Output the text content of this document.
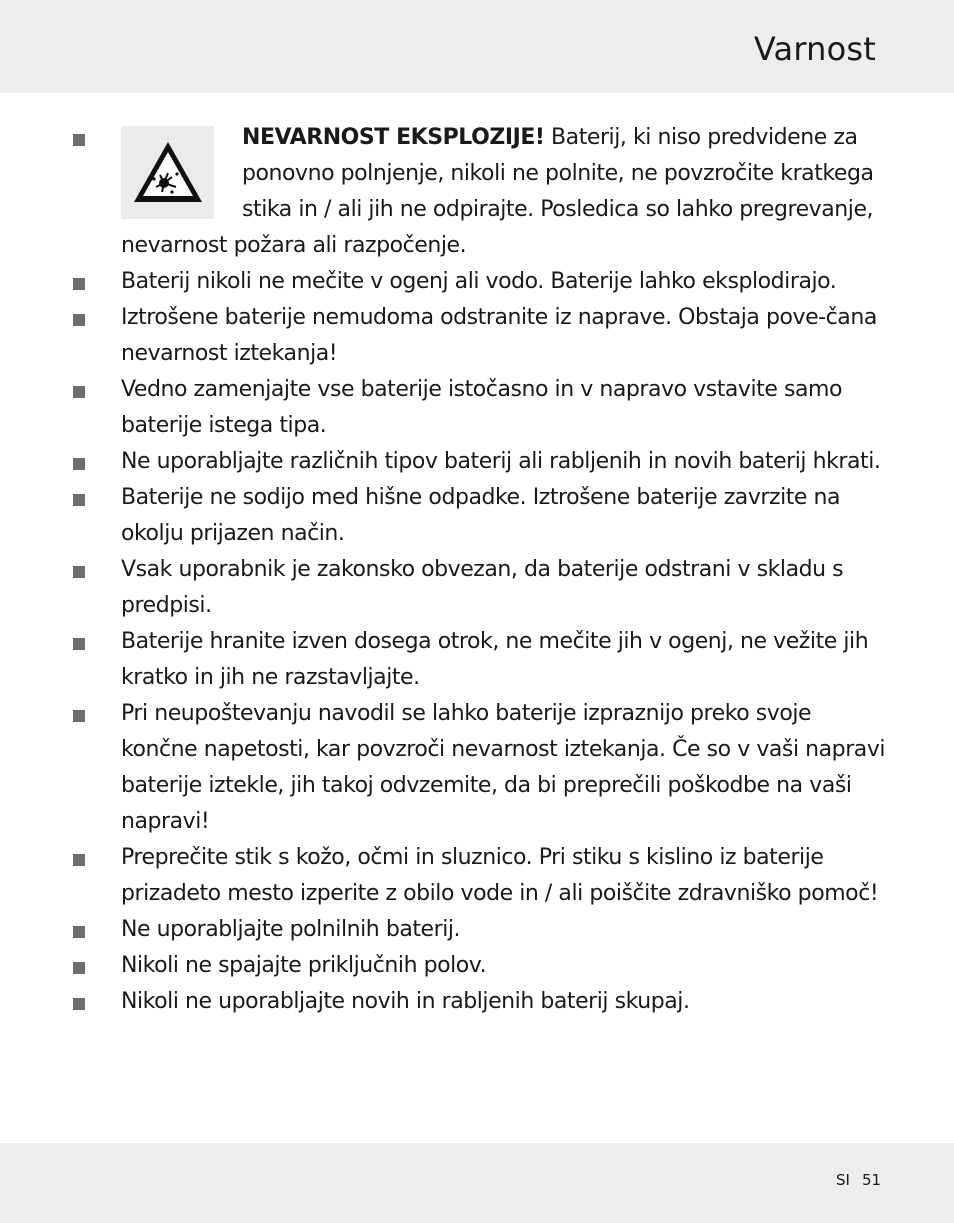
Varnost
NEVARNOST EKSPLOZIJE! Baterij, ki niso predvidene za ponovno polnjenje, nikoli ne polnite, ne povzročite kratkega stika in / ali jih ne odpirajte. Posledica so lahko pregrevanje, nevarnost požara ali razpočenje.
Baterij nikoli ne mečite v ogenj ali vodo. Baterije lahko eksplodirajo.
Iztrošene baterije nemudoma odstranite iz naprave. Obstaja pove-čana nevarnost iztekanja!
Vedno zamenjajte vse baterije istočasno in v napravo vstavite samo baterije istega tipa.
Ne uporabljajte različnih tipov baterij ali rabljenih in novih baterij hkrati.
Baterije ne sodijo med hišne odpadke. Iztrošene baterije zavrzite na okolju prijazen način.
Vsak uporabnik je zakonsko obvezan, da baterije odstrani v skladu s predpisi.
Baterije hranite izven dosega otrok, ne mečite jih v ogenj, ne vežite jih kratko in jih ne razstavljajte.
Pri neupoštevanju navodil se lahko baterije izpraznijo preko svoje končne napetosti, kar povzroči nevarnost iztekanja. Če so v vaši napravi baterije iztekle, jih takoj odvzemite, da bi preprečili poškodbe na vaši napravi!
Preprečite stik s kožo, očmi in sluznico. Pri stiku s kislino iz baterije prizadeto mesto izperite z obilo vode in / ali poiščite zdravniško pomoč!
Ne uporabljajte polnilnih baterij.
Nikoli ne spajajte priključnih polov.
Nikoli ne uporabljajte novih in rabljenih baterij skupaj.
SI 51
